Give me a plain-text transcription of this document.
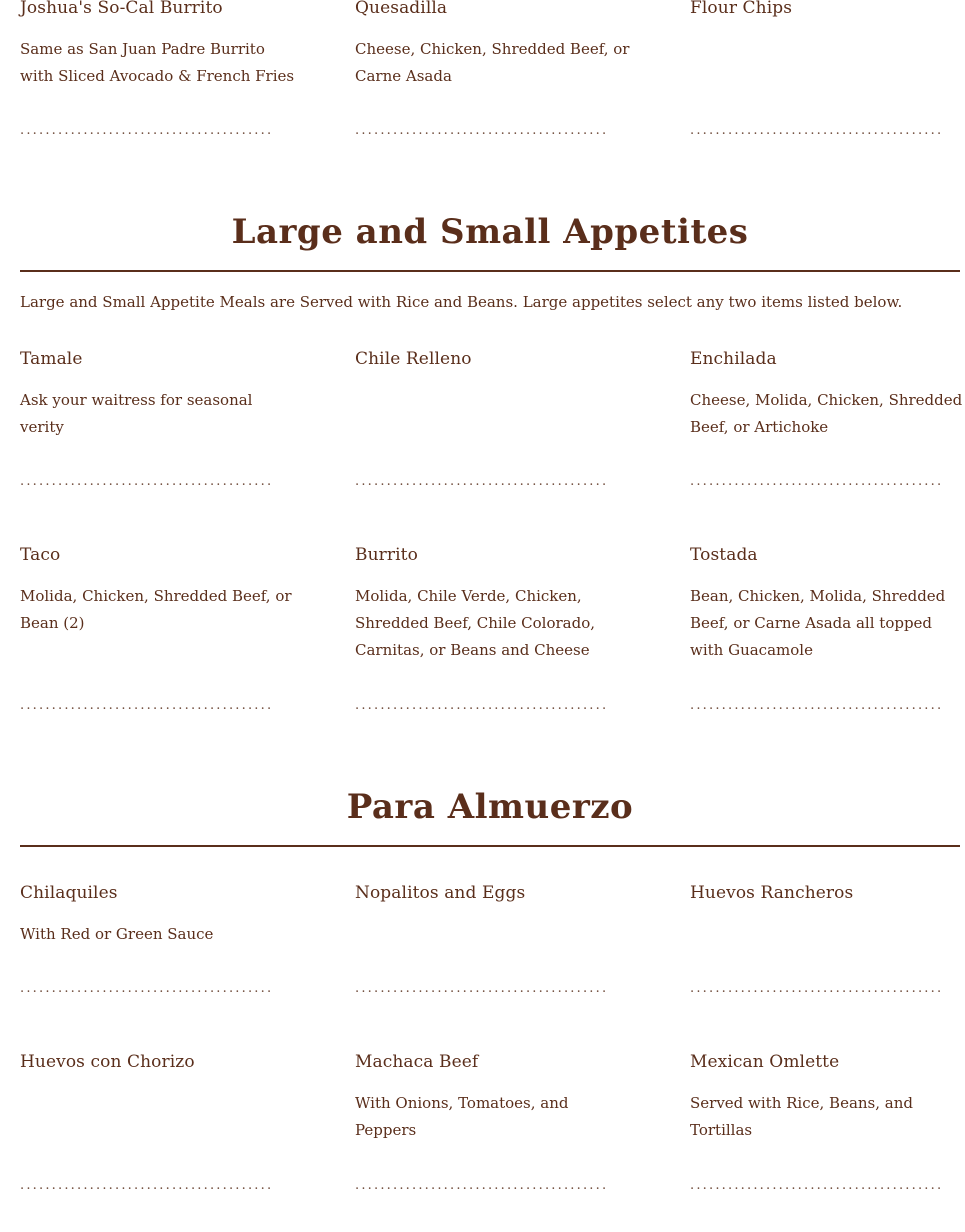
Joshua's So-Cal Burrito
Same as San Juan Padre Burrito with Sliced Avocado & French Fries
Quesadilla
Cheese, Chicken, Shredded Beef, or Carne Asada
Flour Chips
........................................	........................................	........................................
Large and Small Appetites

Large and Small Appetite Meals are Served with Rice and Beans. Large appetites select any two items listed below.

Tamale
Ask your waitress for seasonal verity
Chile Relleno	Enchilada
Cheese, Molida, Chicken, Shredded Beef, or Artichoke
........................................	........................................	........................................
Taco
Molida, Chicken, Shredded Beef, or Bean (2)
Burrito
Molida, Chile Verde, Chicken, Shredded Beef, Chile Colorado, Carnitas, or Beans and Cheese
Tostada
Bean, Chicken, Molida, Shredded Beef, or Carne Asada all topped with Guacamole
........................................	........................................	........................................
Para Almuerzo
Chilaquiles
With Red or Green Sauce
Nopalitos and Eggs	Huevos Rancheros
........................................	........................................	........................................
Huevos con Chorizo	Machaca Beef
With Onions, Tomatoes, and Peppers
Mexican Omlette
Served with Rice, Beans, and Tortillas
........................................	........................................	........................................
